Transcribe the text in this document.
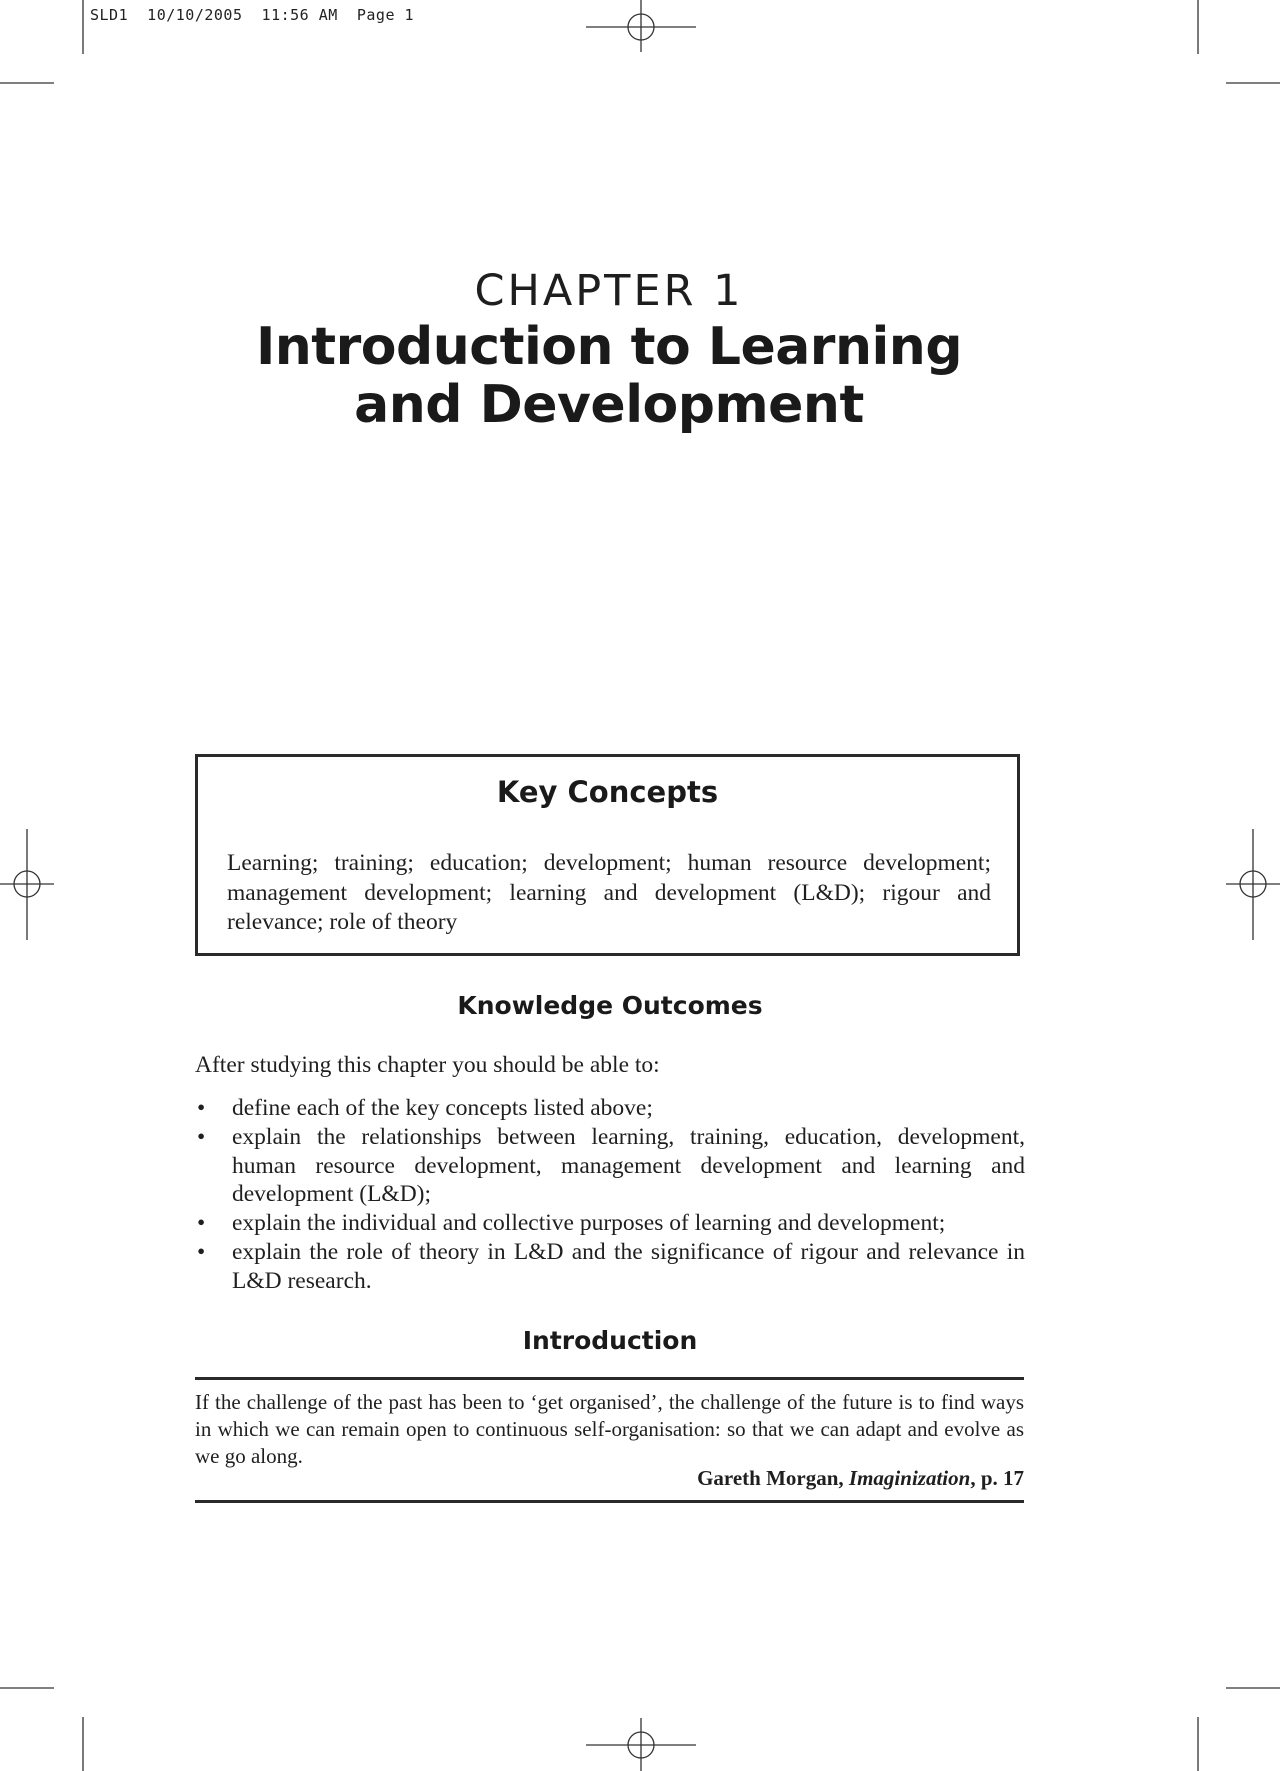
SLD1  10/10/2005  11:56 AM  Page 1
CHAPTER 1
Introduction to Learning
and Development
Key Concepts
Learning; training; education; development; human resource development; management development; learning and development (L&D); rigour and relevance; role of theory
Knowledge Outcomes
After studying this chapter you should be able to:
• define each of the key concepts listed above;
• explain the relationships between learning, training, education, development, human resource development, management development and learning and development (L&D);
• explain the individual and collective purposes of learning and development;
• explain the role of theory in L&D and the significance of rigour and relevance in L&D research.
Introduction
If the challenge of the past has been to ‘get organised’, the challenge of the future is to find ways in which we can remain open to continuous self-organisation: so that we can adapt and evolve as we go along.
Gareth Morgan, Imaginization, p. 17
